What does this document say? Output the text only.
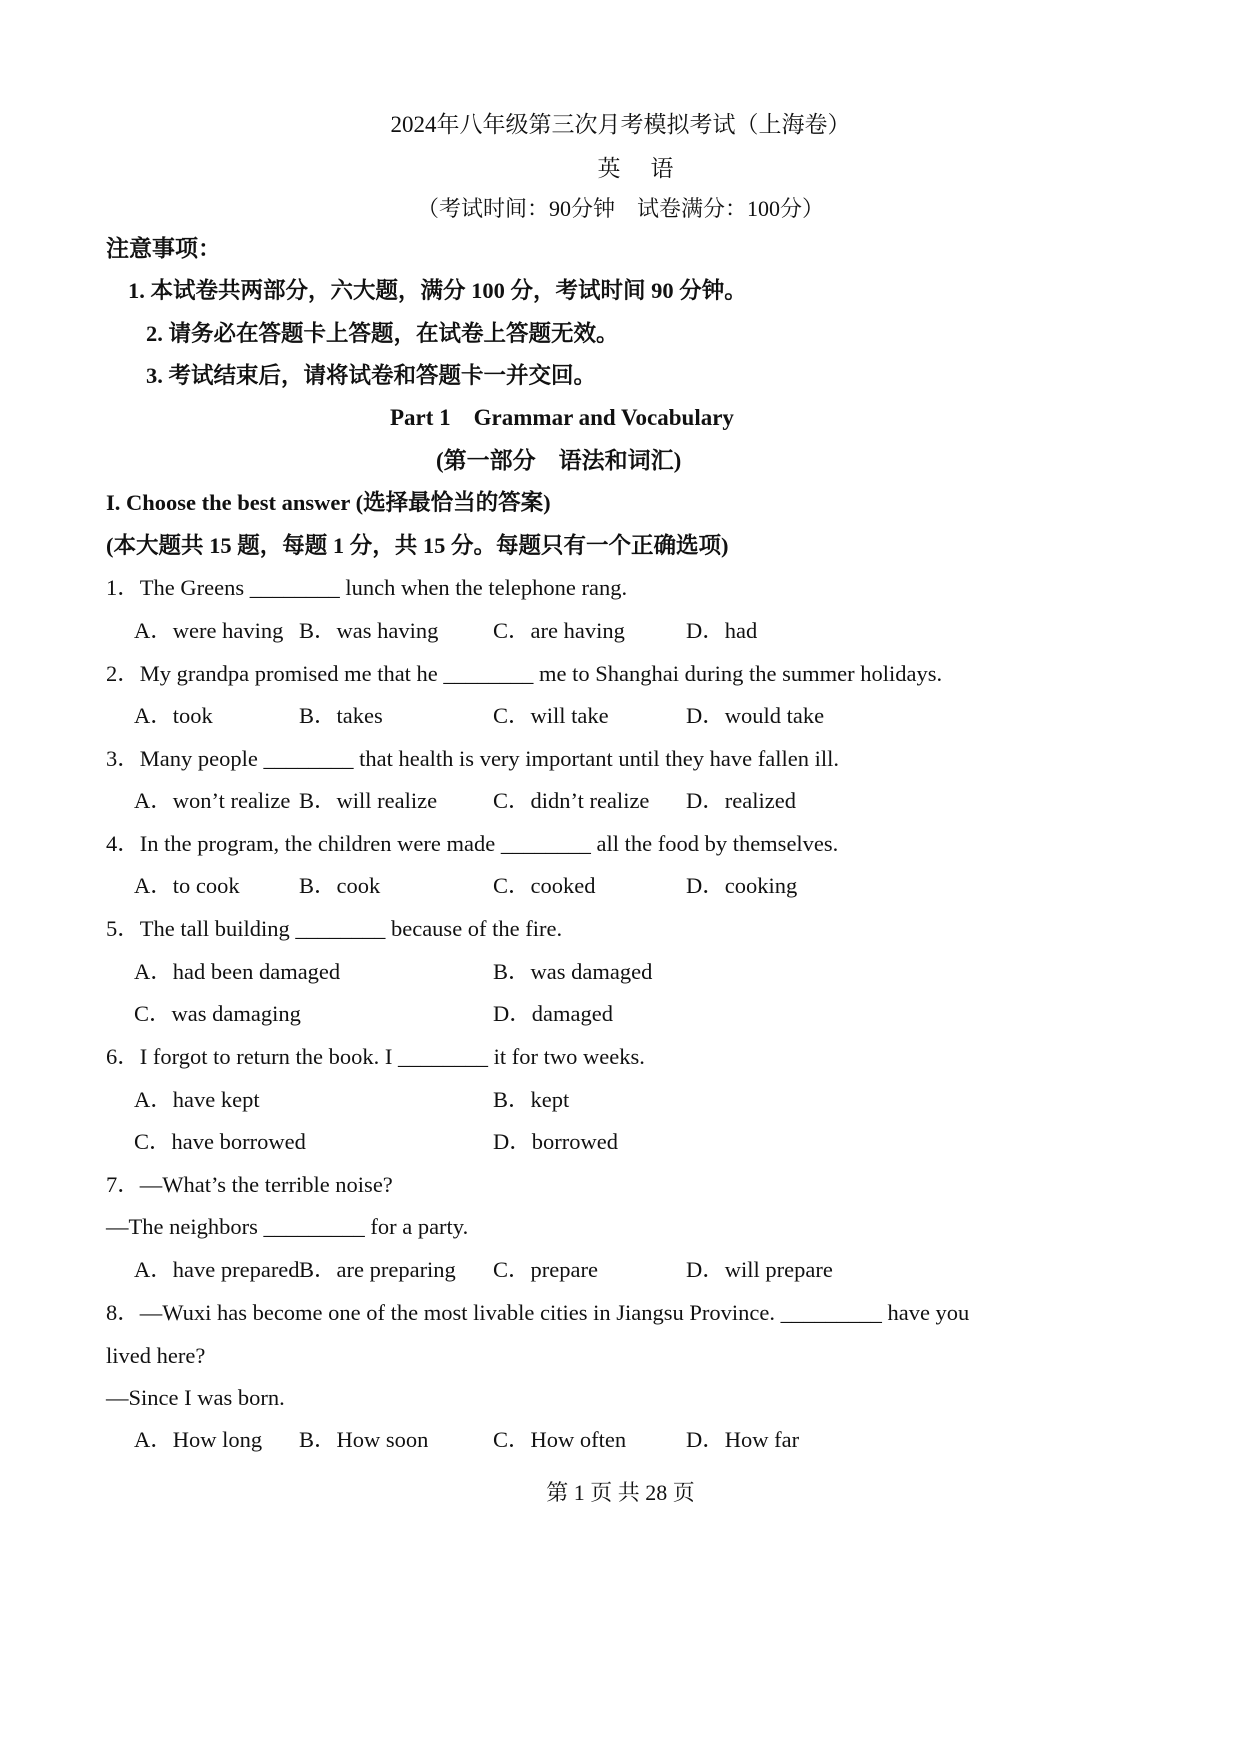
2024年八年级第三次月考模拟考试（上海卷）
英语
（考试时间：90分钟　试卷满分：100分）
注意事项：
1. 本试卷共两部分，六大题，满分 100 分，考试时间 90 分钟。
2. 请务必在答题卡上答题，在试卷上答题无效。
3. 考试结束后，请将试卷和答题卡一并交回。
Part 1　Grammar and Vocabulary
(第一部分　语法和词汇)
I. Choose the best answer (选择最恰当的答案)
(本大题共 15 题，每题 1 分，共 15 分。每题只有一个正确选项)
1．The Greens ________ lunch when the telephone rang.
A．were having B．was having C．are having	D．had
2．My grandpa promised me that he ________ me to Shanghai during the summer holidays.
A．took	B．takes	C．will take	D．would take
3．Many people ________ that health is very important until they have fallen ill.
A．won’t realize B．will realize C．didn’t realize D．realized
4．In the program, the children were made ________ all the food by themselves.
A．to cook	B．cook	C．cooked	D．cooking
5．The tall building ________ because of the fire.
A．had been damaged	B．was damaged
C．was damaging	D．damaged
6．I forgot to return the book. I ________ it for two weeks.
A．have kept	B．kept
C．have borrowed	D．borrowed
7．—What’s the terrible noise?
—The neighbors _________ for a party.
A．have prepared B．are preparing C．prepare	D．will prepare
8．—Wuxi has become one of the most livable cities in Jiangsu Province. _________ have you
lived here?
—Since I was born.
A．How long B．How soon	C．How often	D．How far
第 1 页 共 28 页
